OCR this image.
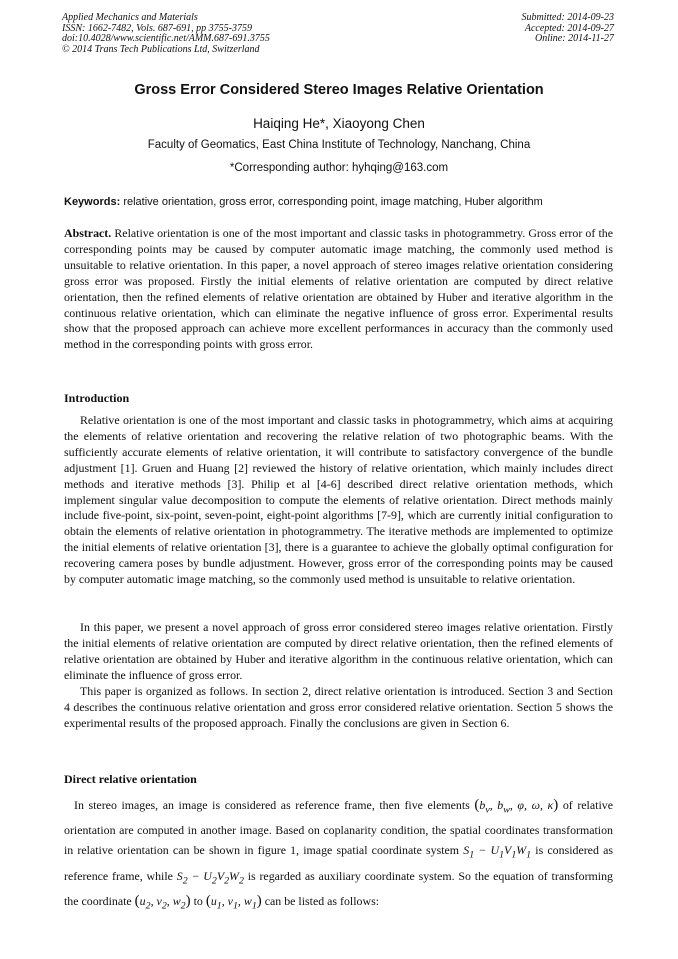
Applied Mechanics and Materials
ISSN: 1662-7482, Vols. 687-691, pp 3755-3759
doi:10.4028/www.scientific.net/AMM.687-691.3755
© 2014 Trans Tech Publications Ltd, Switzerland
Submitted: 2014-09-23
Accepted: 2014-09-27
Online: 2014-11-27
Gross Error Considered Stereo Images Relative Orientation
Haiqing He*, Xiaoyong Chen
Faculty of Geomatics, East China Institute of Technology, Nanchang, China
*Corresponding author: hyhqing@163.com
Keywords: relative orientation, gross error, corresponding point, image matching, Huber algorithm

Abstract. Relative orientation is one of the most important and classic tasks in photogrammetry. Gross error of the corresponding points may be caused by computer automatic image matching, the commonly used method is unsuitable to relative orientation. In this paper, a novel approach of stereo images relative orientation considering gross error was proposed. Firstly the initial elements of relative orientation are computed by direct relative orientation, then the refined elements of relative orientation are obtained by Huber and iterative algorithm in the continuous relative orientation, which can eliminate the negative influence of gross error. Experimental results show that the proposed approach can achieve more excellent performances in accuracy than the commonly used method in the corresponding points with gross error.

Introduction

Relative orientation is one of the most important and classic tasks in photogrammetry, which aims at acquiring the elements of relative orientation and recovering the relative relation of two photographic beams. With the sufficiently accurate elements of relative orientation, it will contribute to satisfactory convergence of the bundle adjustment [1]. Gruen and Huang [2] reviewed the history of relative orientation, which mainly includes direct methods and iterative methods [3]. Philip et al [4-6] described direct relative orientation methods, which implement singular value decomposition to compute the elements of relative orientation. Direct methods mainly include five-point, six-point, seven-point, eight-point algorithms [7-9], which are currently initial configuration to obtain the elements of relative orientation in photogrammetry. The iterative methods are implemented to optimize the initial elements of relative orientation [3], there is a guarantee to achieve the globally optimal configuration for recovering camera poses by bundle adjustment. However, gross error of the corresponding points may be caused by computer automatic image matching, so the commonly used method is unsuitable to relative orientation.

In this paper, we present a novel approach of gross error considered stereo images relative orientation. Firstly the initial elements of relative orientation are computed by direct relative orientation, then the refined elements of relative orientation are obtained by Huber and iterative algorithm in the continuous relative orientation, which can eliminate the influence of gross error.

This paper is organized as follows. In section 2, direct relative orientation is introduced. Section 3 and Section 4 describes the continuous relative orientation and gross error considered relative orientation. Section 5 shows the experimental results of the proposed approach. Finally the conclusions are given in Section 6.

Direct relative orientation

In stereo images, an image is considered as reference frame, then five elements ($b_v$, $b_w$, φ, ω, κ) of relative orientation are computed in another image. Based on coplanarity condition, the spatial coordinates transformation in relative orientation can be shown in figure 1, image spatial coordinate system $S_1 - U_1V_1W_1$ is considered as reference frame, while $S_2 - U_2V_2W_2$ is regarded as auxiliary coordinate system. So the equation of transforming the coordinate ($u_2$, $v_2$, $w_2$) to ($u_1$, $v_1$, $w_1$) can be listed as follows:
